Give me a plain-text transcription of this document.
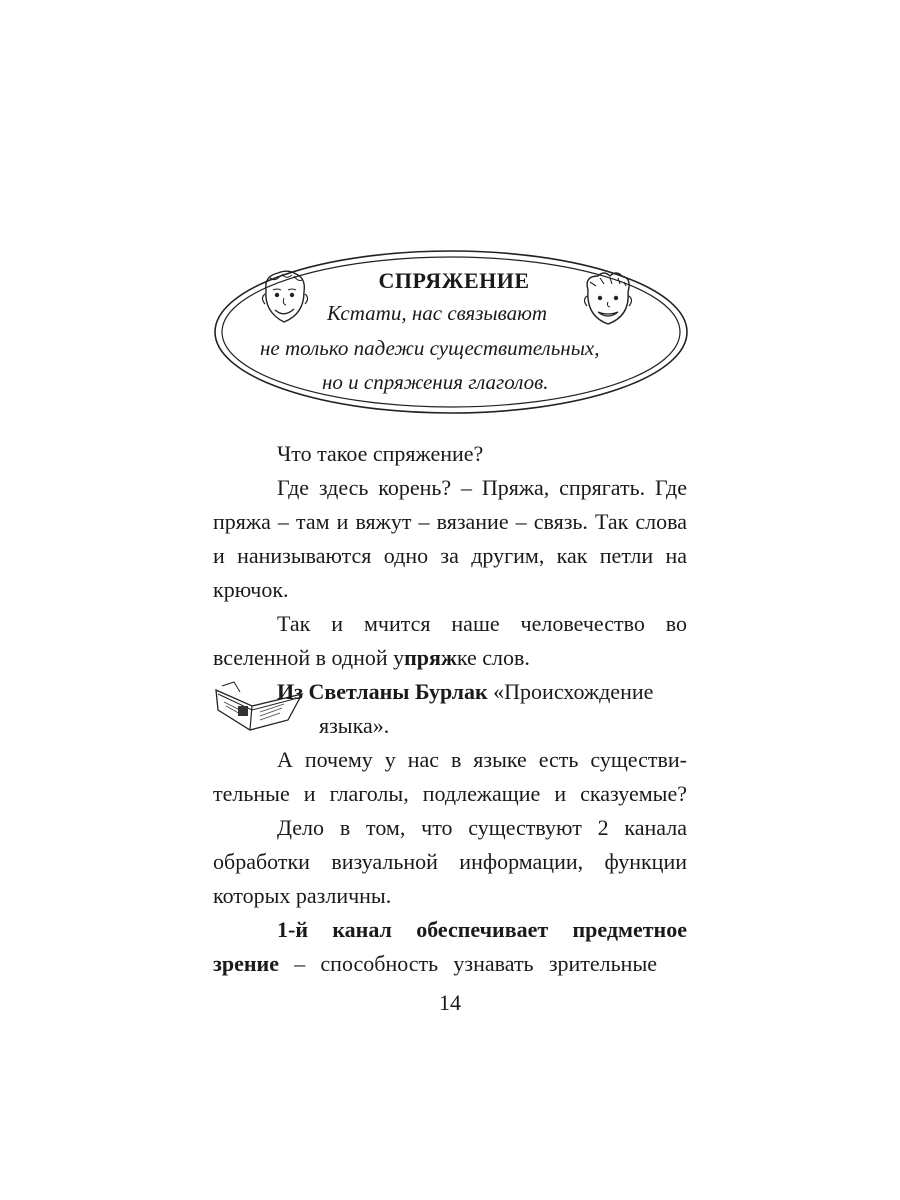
СПРЯЖЕНИЕ
Кстати, нас связывают
не только падежи существительных,
но и спряжения глаголов.
Что такое спряжение?
Где здесь корень? – Пряжа, спрягать. Где
пряжа – там и вяжут – вязание – связь. Так слова
и нанизываются одно за другим, как петли на
крючок.
Так и мчится наше человечество во
вселенной в одной упряжке слов.
Из Светланы Бурлак «Происхождение
языка».
А почему у нас в языке есть существи-
тельные и глаголы, подлежащие и сказуемые?
Дело в том, что существуют 2 канала
обработки визуальной информации, функции
которых различны.
1-й канал обеспечивает предметное
зрение – способность узнавать зрительные
14
